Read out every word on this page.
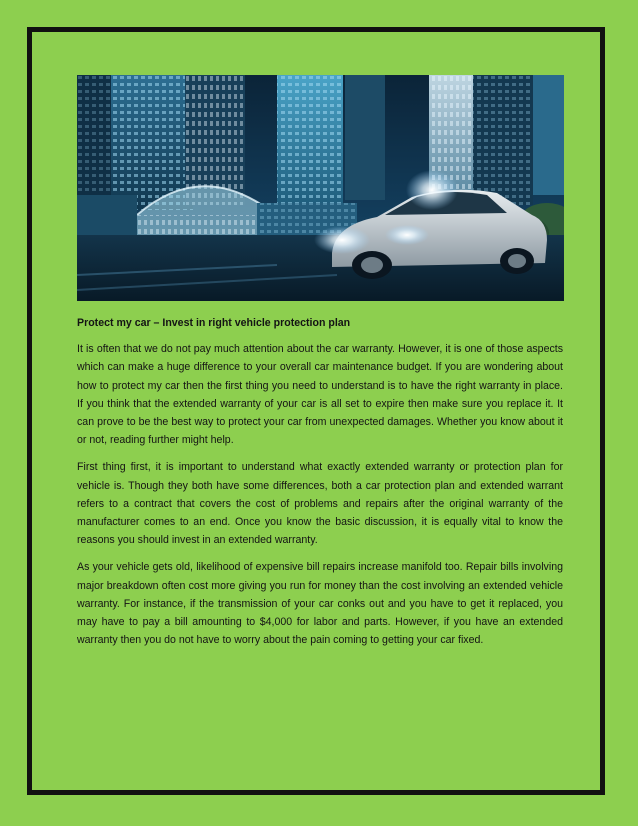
Protect my car – Invest in right vehicle protection plan

It is often that we do not pay much attention about the car warranty. However, it is one of those aspects which can make a huge difference to your overall car maintenance budget. If you are wondering about how to protect my car then the first thing you need to understand is to have the right warranty in place. If you think that the extended warranty of your car is all set to expire then make sure you replace it. It can prove to be the best way to protect your car from unexpected damages. Whether you know about it or not, reading further might help.

First thing first, it is important to understand what exactly extended warranty or protection plan for vehicle is. Though they both have some differences, both a car protection plan and extended warrant refers to a contract that covers the cost of problems and repairs after the original warranty of the manufacturer comes to an end. Once you know the basic discussion, it is equally vital to know the reasons you should invest in an extended warranty.

As your vehicle gets old, likelihood of expensive bill repairs increase manifold too. Repair bills involving major breakdown often cost more giving you run for money than the cost involving an extended vehicle warranty. For instance, if the transmission of your car conks out and you have to get it replaced, you may have to pay a bill amounting to $4,000 for labor and parts. However, if you have an extended warranty then you do not have to worry about the pain coming to getting your car fixed.
